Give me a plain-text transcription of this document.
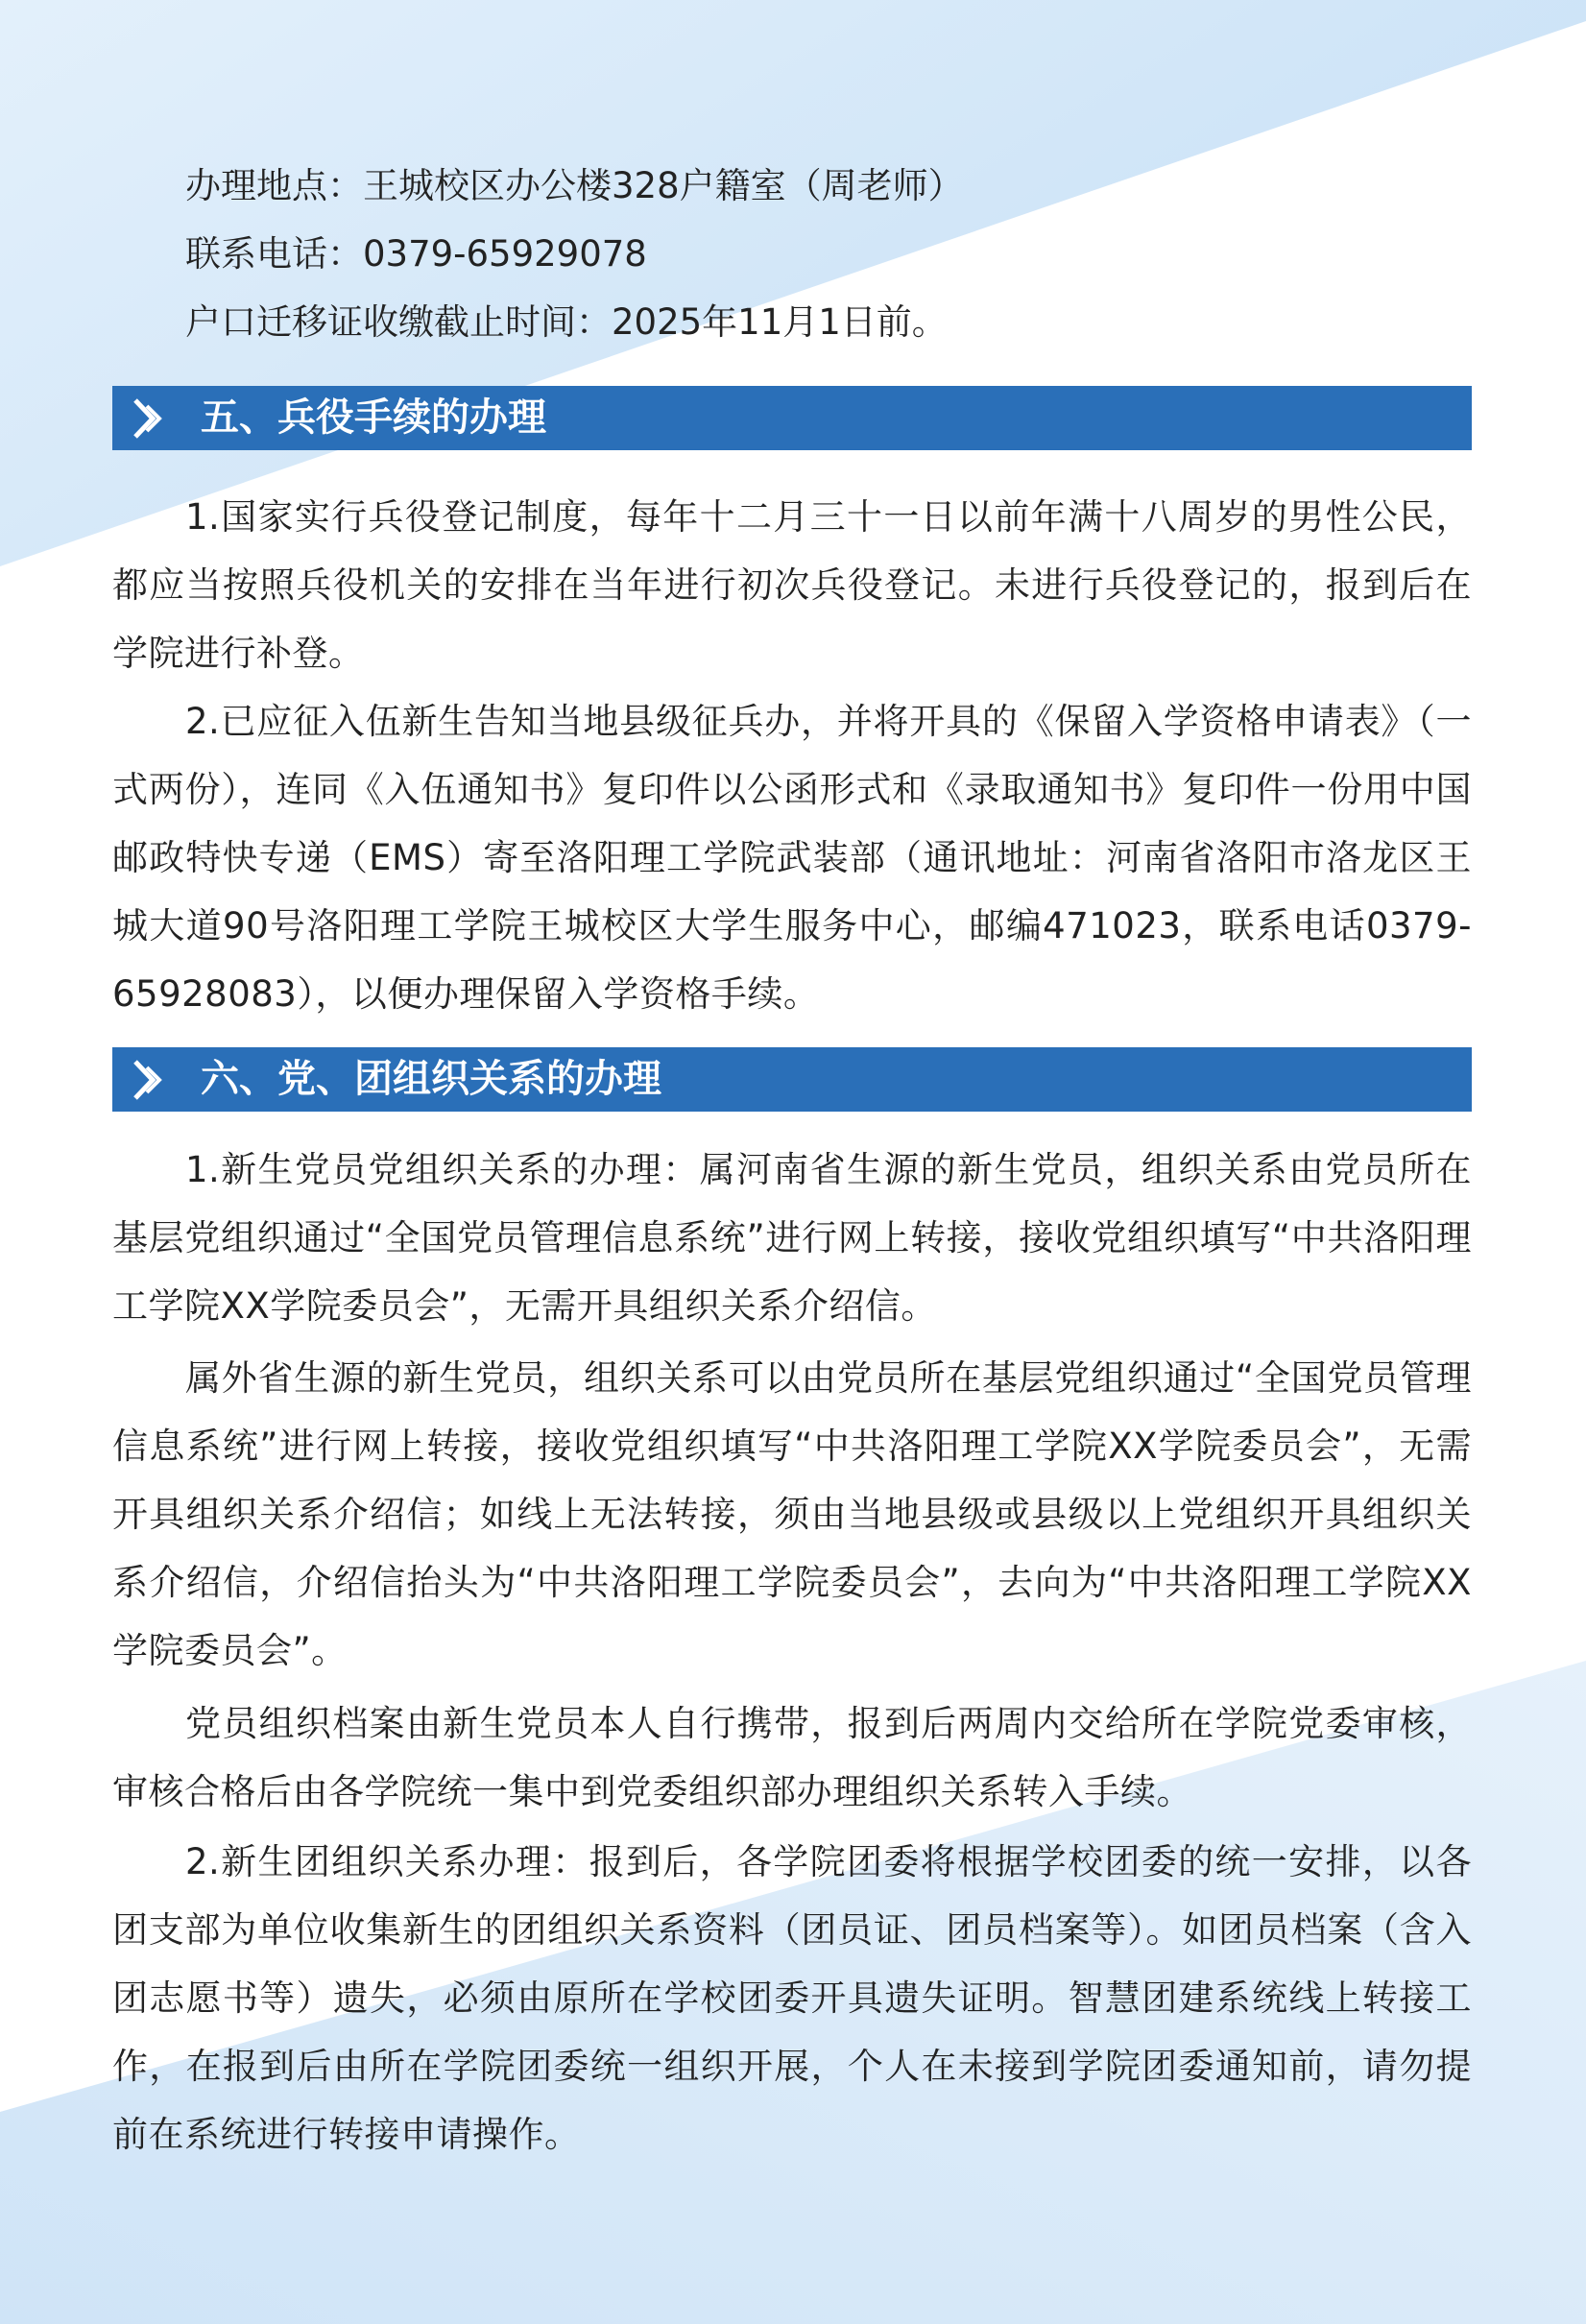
办理地点：王城校区办公楼328户籍室（周老师）

联系电话：0379-65929078

户口迁移证收缴截止时间：2025年11月1日前。

五、兵役手续的办理

1.国家实行兵役登记制度，每年十二月三十一日以前年满十八周岁的男性公民，都应当按照兵役机关的安排在当年进行初次兵役登记。未进行兵役登记的，报到后在学院进行补登。

2.已应征入伍新生告知当地县级征兵办，并将开具的《保留入学资格申请表》（一式两份），连同《入伍通知书》复印件以公函形式和《录取通知书》复印件一份用中国邮政特快专递（EMS）寄至洛阳理工学院武装部（通讯地址：河南省洛阳市洛龙区王城大道90号洛阳理工学院王城校区大学生服务中心，邮编471023，联系电话0379-65928083），以便办理保留入学资格手续。

六、党、团组织关系的办理

1.新生党员党组织关系的办理：属河南省生源的新生党员，组织关系由党员所在基层党组织通过“全国党员管理信息系统”进行网上转接，接收党组织填写“中共洛阳理工学院XX学院委员会”，无需开具组织关系介绍信。

属外省生源的新生党员，组织关系可以由党员所在基层党组织通过“全国党员管理信息系统”进行网上转接，接收党组织填写“中共洛阳理工学院XX学院委员会”，无需开具组织关系介绍信；如线上无法转接，须由当地县级或县级以上党组织开具组织关系介绍信，介绍信抬头为“中共洛阳理工学院委员会”，去向为“中共洛阳理工学院XX学院委员会”。

党员组织档案由新生党员本人自行携带，报到后两周内交给所在学院党委审核，审核合格后由各学院统一集中到党委组织部办理组织关系转入手续。

2.新生团组织关系办理：报到后，各学院团委将根据学校团委的统一安排，以各团支部为单位收集新生的团组织关系资料（团员证、团员档案等）。如团员档案（含入团志愿书等）遗失，必须由原所在学校团委开具遗失证明。智慧团建系统线上转接工作，在报到后由所在学院团委统一组织开展，个人在未接到学院团委通知前，请勿提前在系统进行转接申请操作。
